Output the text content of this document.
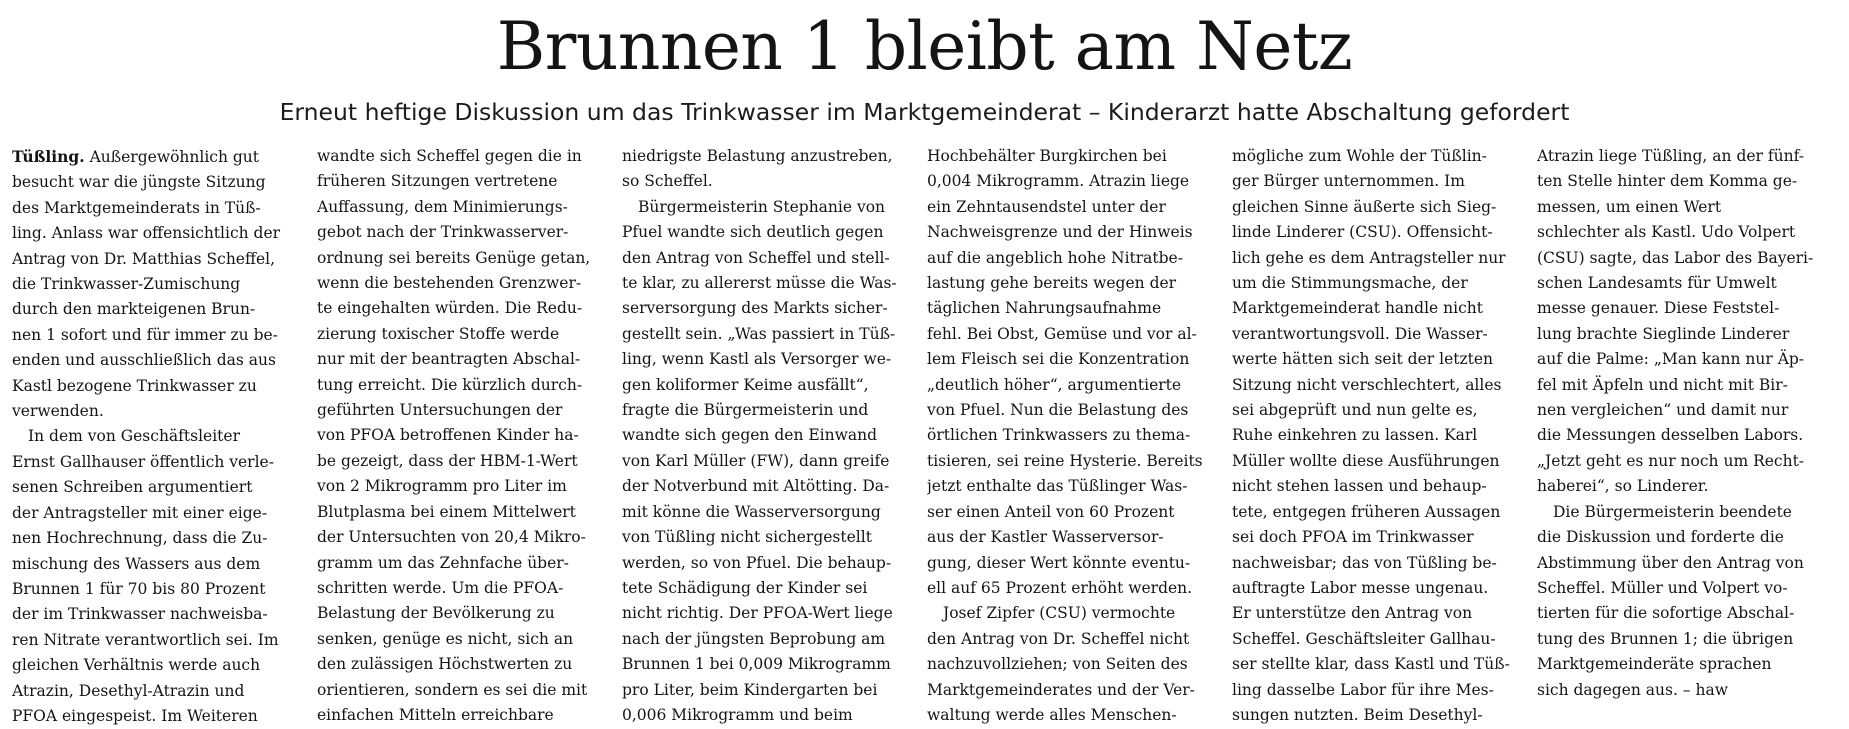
Brunnen 1 bleibt am Netz
Erneut heftige Diskussion um das Trinkwasser im Marktgemeinderat – Kinderarzt hatte Abschaltung gefordert
Tüßling. Außergewöhnlich gut
besucht war die jüngste Sitzung
des Marktgemeinderats in Tüß-
ling. Anlass war offensichtlich der
Antrag von Dr. Matthias Scheffel,
die Trinkwasser-Zumischung
durch den markteigenen Brun-
nen 1 sofort und für immer zu be-
enden und ausschließlich das aus
Kastl bezogene Trinkwasser zu
verwenden.
In dem von Geschäftsleiter
Ernst Gallhauser öffentlich verle-
senen Schreiben argumentiert
der Antragsteller mit einer eige-
nen Hochrechnung, dass die Zu-
mischung des Wassers aus dem
Brunnen 1 für 70 bis 80 Prozent
der im Trinkwasser nachweisba-
ren Nitrate verantwortlich sei. Im
gleichen Verhältnis werde auch
Atrazin, Desethyl-Atrazin und
PFOA eingespeist. Im Weiteren
wandte sich Scheffel gegen die in
früheren Sitzungen vertretene
Auffassung, dem Minimierungs-
gebot nach der Trinkwasserver-
ordnung sei bereits Genüge getan,
wenn die bestehenden Grenzwer-
te eingehalten würden. Die Redu-
zierung toxischer Stoffe werde
nur mit der beantragten Abschal-
tung erreicht. Die kürzlich durch-
geführten Untersuchungen der
von PFOA betroffenen Kinder ha-
be gezeigt, dass der HBM-1-Wert
von 2 Mikrogramm pro Liter im
Blutplasma bei einem Mittelwert
der Untersuchten von 20,4 Mikro-
gramm um das Zehnfache über-
schritten werde. Um die PFOA-
Belastung der Bevölkerung zu
senken, genüge es nicht, sich an
den zulässigen Höchstwerten zu
orientieren, sondern es sei die mit
einfachen Mitteln erreichbare
niedrigste Belastung anzustreben,
so Scheffel.
Bürgermeisterin Stephanie von
Pfuel wandte sich deutlich gegen
den Antrag von Scheffel und stell-
te klar, zu allererst müsse die Was-
serversorgung des Markts sicher-
gestellt sein. „Was passiert in Tüß-
ling, wenn Kastl als Versorger we-
gen koliformer Keime ausfällt“,
fragte die Bürgermeisterin und
wandte sich gegen den Einwand
von Karl Müller (FW), dann greife
der Notverbund mit Altötting. Da-
mit könne die Wasserversorgung
von Tüßling nicht sichergestellt
werden, so von Pfuel. Die behaup-
tete Schädigung der Kinder sei
nicht richtig. Der PFOA-Wert liege
nach der jüngsten Beprobung am
Brunnen 1 bei 0,009 Mikrogramm
pro Liter, beim Kindergarten bei
0,006 Mikrogramm und beim
Hochbehälter Burgkirchen bei
0,004 Mikrogramm. Atrazin liege
ein Zehntausendstel unter der
Nachweisgrenze und der Hinweis
auf die angeblich hohe Nitratbe-
lastung gehe bereits wegen der
täglichen Nahrungsaufnahme
fehl. Bei Obst, Gemüse und vor al-
lem Fleisch sei die Konzentration
„deutlich höher“, argumentierte
von Pfuel. Nun die Belastung des
örtlichen Trinkwassers zu thema-
tisieren, sei reine Hysterie. Bereits
jetzt enthalte das Tüßlinger Was-
ser einen Anteil von 60 Prozent
aus der Kastler Wasserversor-
gung, dieser Wert könnte eventu-
ell auf 65 Prozent erhöht werden.
Josef Zipfer (CSU) vermochte
den Antrag von Dr. Scheffel nicht
nachzuvollziehen; von Seiten des
Marktgemeinderates und der Ver-
waltung werde alles Menschen-
mögliche zum Wohle der Tüßlin-
ger Bürger unternommen. Im
gleichen Sinne äußerte sich Sieg-
linde Linderer (CSU). Offensicht-
lich gehe es dem Antragsteller nur
um die Stimmungsmache, der
Marktgemeinderat handle nicht
verantwortungsvoll. Die Wasser-
werte hätten sich seit der letzten
Sitzung nicht verschlechtert, alles
sei abgeprüft und nun gelte es,
Ruhe einkehren zu lassen. Karl
Müller wollte diese Ausführungen
nicht stehen lassen und behaup-
tete, entgegen früheren Aussagen
sei doch PFOA im Trinkwasser
nachweisbar; das von Tüßling be-
auftragte Labor messe ungenau.
Er unterstütze den Antrag von
Scheffel. Geschäftsleiter Gallhau-
ser stellte klar, dass Kastl und Tüß-
ling dasselbe Labor für ihre Mes-
sungen nutzten. Beim Desethyl-
Atrazin liege Tüßling, an der fünf-
ten Stelle hinter dem Komma ge-
messen, um einen Wert
schlechter als Kastl. Udo Volpert
(CSU) sagte, das Labor des Bayeri-
schen Landesamts für Umwelt
messe genauer. Diese Feststel-
lung brachte Sieglinde Linderer
auf die Palme: „Man kann nur Äp-
fel mit Äpfeln und nicht mit Bir-
nen vergleichen“ und damit nur
die Messungen desselben Labors.
„Jetzt geht es nur noch um Recht-
haberei“, so Linderer.
Die Bürgermeisterin beendete
die Diskussion und forderte die
Abstimmung über den Antrag von
Scheffel. Müller und Volpert vo-
tierten für die sofortige Abschal-
tung des Brunnen 1; die übrigen
Marktgemeinderäte sprachen
sich dagegen aus. – haw
